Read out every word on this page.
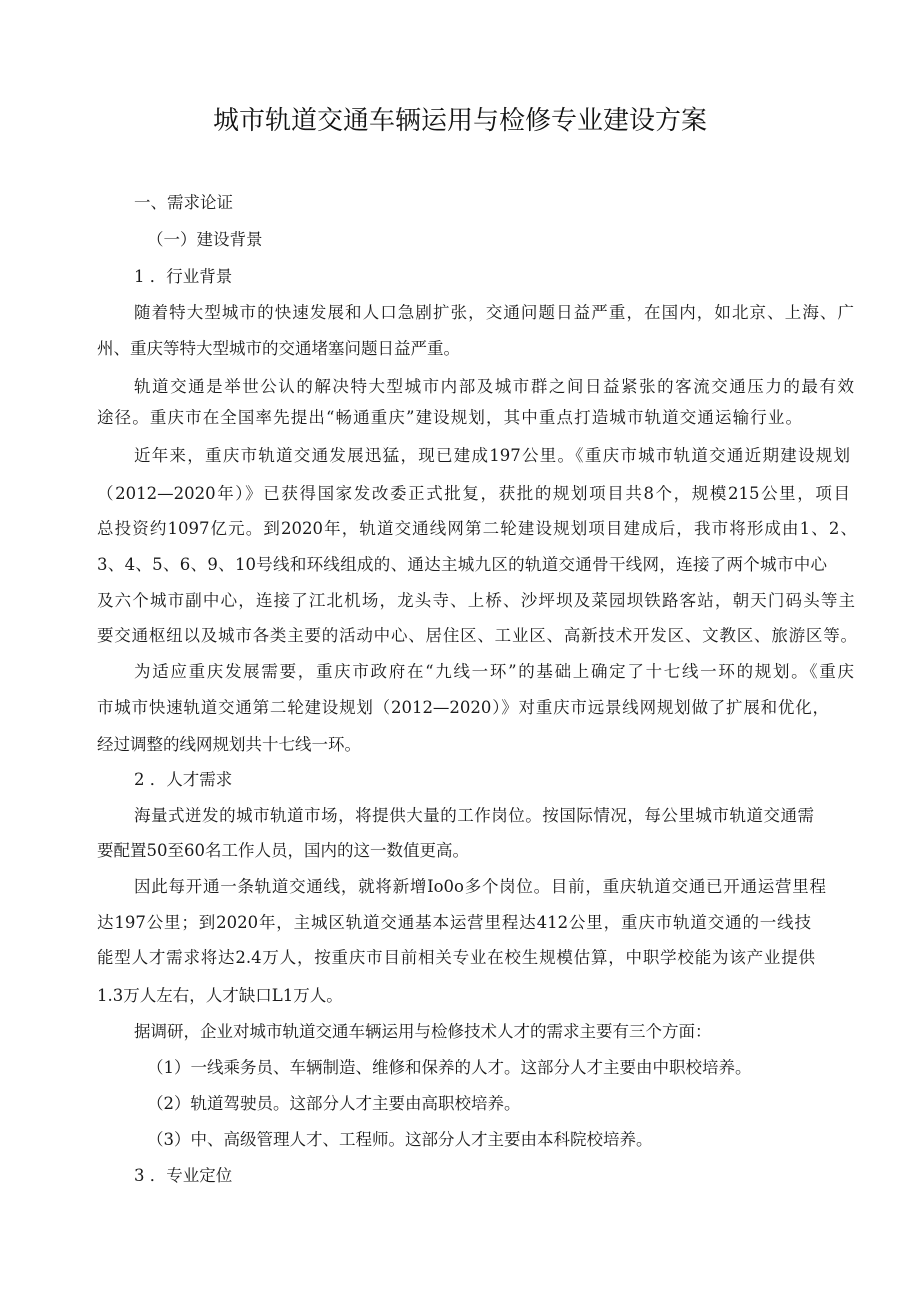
城市轨道交通车辆运用与检修专业建设方案
一、需求论证
（一）建设背景
1 ．行业背景
随着特大型城市的快速发展和人口急剧扩张，交通问题日益严重，在国内，如北京、上海、广
州、重庆等特大型城市的交通堵塞问题日益严重。
轨道交通是举世公认的解决特大型城市内部及城市群之间日益紧张的客流交通压力的最有效
途径。重庆市在全国率先提出“畅通重庆”建设规划，其中重点打造城市轨道交通运输行业。
近年来，重庆市轨道交通发展迅猛，现已建成197公里。《重庆市城市轨道交通近期建设规划
（2012—2020年）》已获得国家发改委正式批复，获批的规划项目共8个，规模215公里，项目
总投资约1097亿元。到2020年，轨道交通线网第二轮建设规划项目建成后，我市将形成由1、2、
3、4、5、6、9、10号线和环线组成的、通达主城九区的轨道交通骨干线网，连接了两个城市中心
及六个城市副中心，连接了江北机场，龙头寺、上桥、沙坪坝及菜园坝铁路客站，朝天门码头等主
要交通枢纽以及城市各类主要的活动中心、居住区、工业区、高新技术开发区、文教区、旅游区等。
为适应重庆发展需要，重庆市政府在“九线一环”的基础上确定了十七线一环的规划。《重庆
市城市快速轨道交通第二轮建设规划（2012—2020）》对重庆市远景线网规划做了扩展和优化，
经过调整的线网规划共十七线一环。
2 ．人才需求
海量式迸发的城市轨道市场，将提供大量的工作岗位。按国际情况，每公里城市轨道交通需
要配置50至60名工作人员，国内的这一数值更高。
因此每开通一条轨道交通线，就将新增Io0o多个岗位。目前，重庆轨道交通已开通运营里程
达197公里；到2020年，主城区轨道交通基本运营里程达412公里，重庆市轨道交通的一线技
能型人才需求将达2.4万人，按重庆市目前相关专业在校生规模估算，中职学校能为该产业提供
1.3万人左右，人才缺口L1万人。
据调研，企业对城市轨道交通车辆运用与检修技术人才的需求主要有三个方面：
（1）一线乘务员、车辆制造、维修和保养的人才。这部分人才主要由中职校培养。
（2）轨道驾驶员。这部分人才主要由高职校培养。
（3）中、高级管理人才、工程师。这部分人才主要由本科院校培养。
3 ．专业定位
